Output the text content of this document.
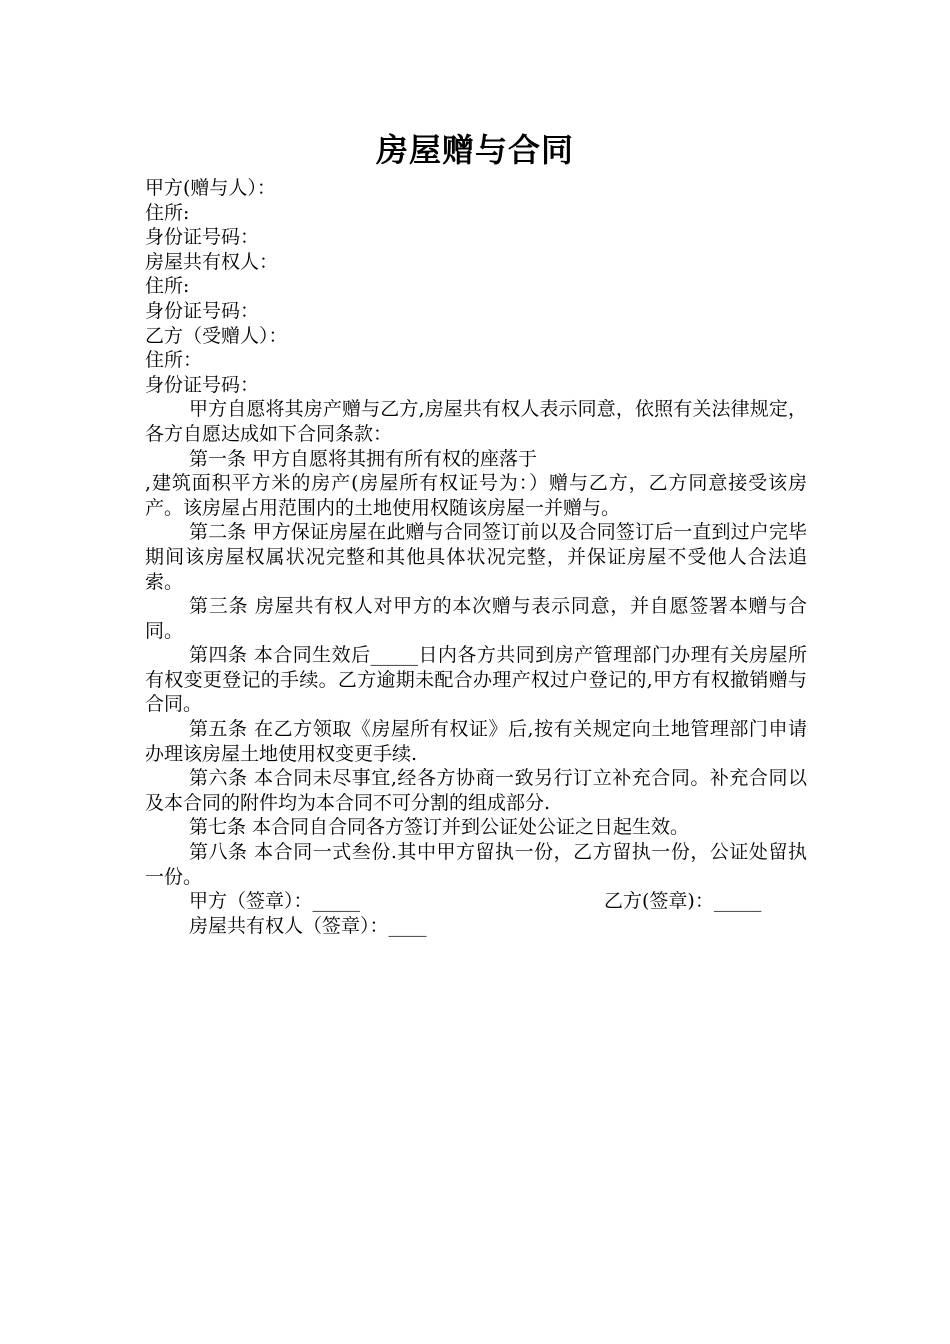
房屋赠与合同
甲方(赠与人）：
住所:
身份证号码：
房屋共有权人：
住所:
身份证号码：
乙方（受赠人）：
住所：
身份证号码：
甲方自愿将其房产赠与乙方,房屋共有权人表示同意，依照有关法律规定，各方自愿达成如下合同条款：
第一条 甲方自愿将其拥有所有权的座落于
,建筑面积平方米的房产(房屋所有权证号为：）赠与乙方，乙方同意接受该房产。该房屋占用范围内的土地使用权随该房屋一并赠与。
第二条 甲方保证房屋在此赠与合同签订前以及合同签订后一直到过户完毕期间该房屋权属状况完整和其他具体状况完整，并保证房屋不受他人合法追索。
第三条 房屋共有权人对甲方的本次赠与表示同意，并自愿签署本赠与合同。
第四条 本合同生效后_____日内各方共同到房产管理部门办理有关房屋所有权变更登记的手续。乙方逾期未配合办理产权过户登记的,甲方有权撤销赠与合同。
第五条 在乙方领取《房屋所有权证》后,按有关规定向土地管理部门申请办理该房屋土地使用权变更手续.
第六条 本合同未尽事宜,经各方协商一致另行订立补充合同。补充合同以及本合同的附件均为本合同不可分割的组成部分.
第七条 本合同自合同各方签订并到公证处公证之日起生效。
第八条 本合同一式叁份.其中甲方留执一份，乙方留执一份，公证处留执一份。
甲方（签章）：_____	乙方(签章)：_____
房屋共有权人（签章）：____
